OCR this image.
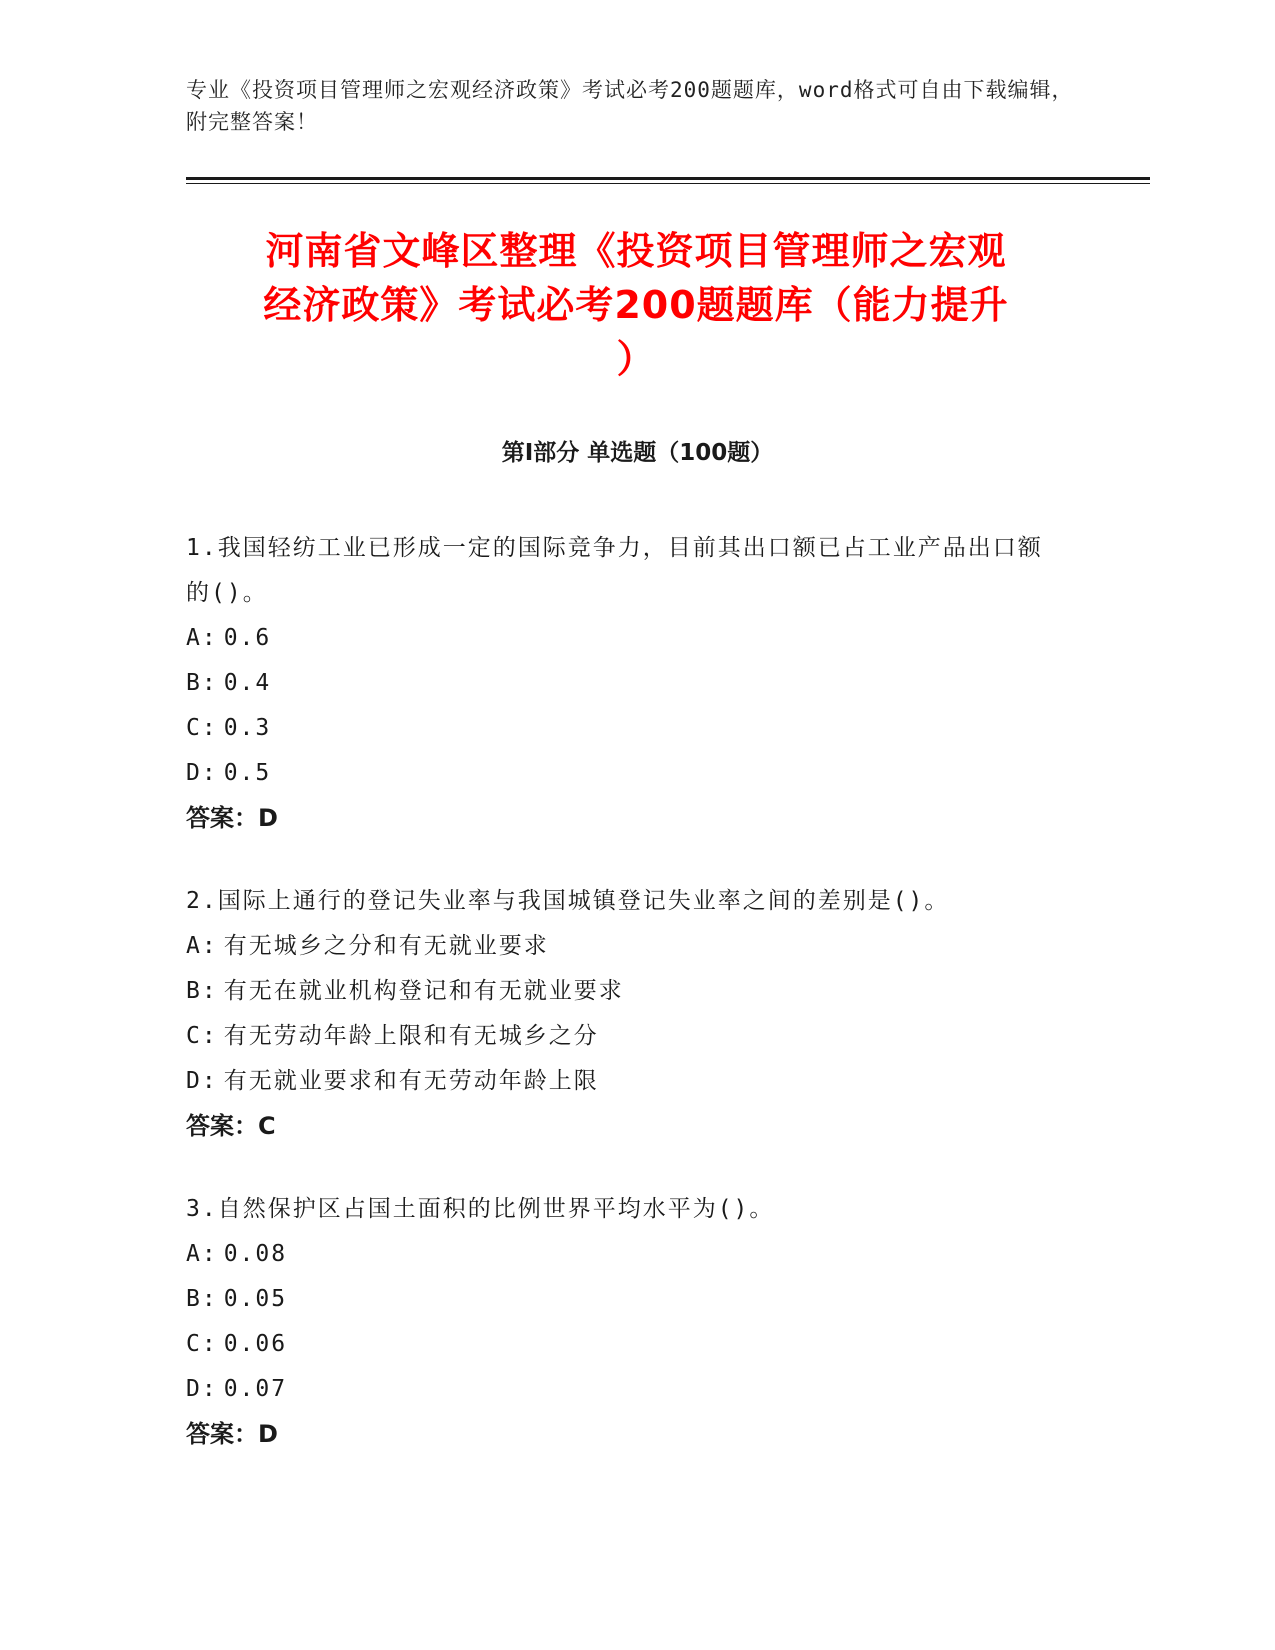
专业《投资项目管理师之宏观经济政策》考试必考200题题库，word格式可自由下载编辑，附完整答案！
河南省文峰区整理《投资项目管理师之宏观
经济政策》考试必考200题题库（能力提升
）
第Ⅰ部分 单选题（100题）
1.我国轻纺工业已形成一定的国际竞争力，目前其出口额已占工业产品出口额的()。
A: 0.6
B: 0.4
C: 0.3
D: 0.5
答案：D
2.国际上通行的登记失业率与我国城镇登记失业率之间的差别是()。
A: 有无城乡之分和有无就业要求
B: 有无在就业机构登记和有无就业要求
C: 有无劳动年龄上限和有无城乡之分
D: 有无就业要求和有无劳动年龄上限
答案：C
3.自然保护区占国土面积的比例世界平均水平为()。
A: 0.08
B: 0.05
C: 0.06
D: 0.07
答案：D
